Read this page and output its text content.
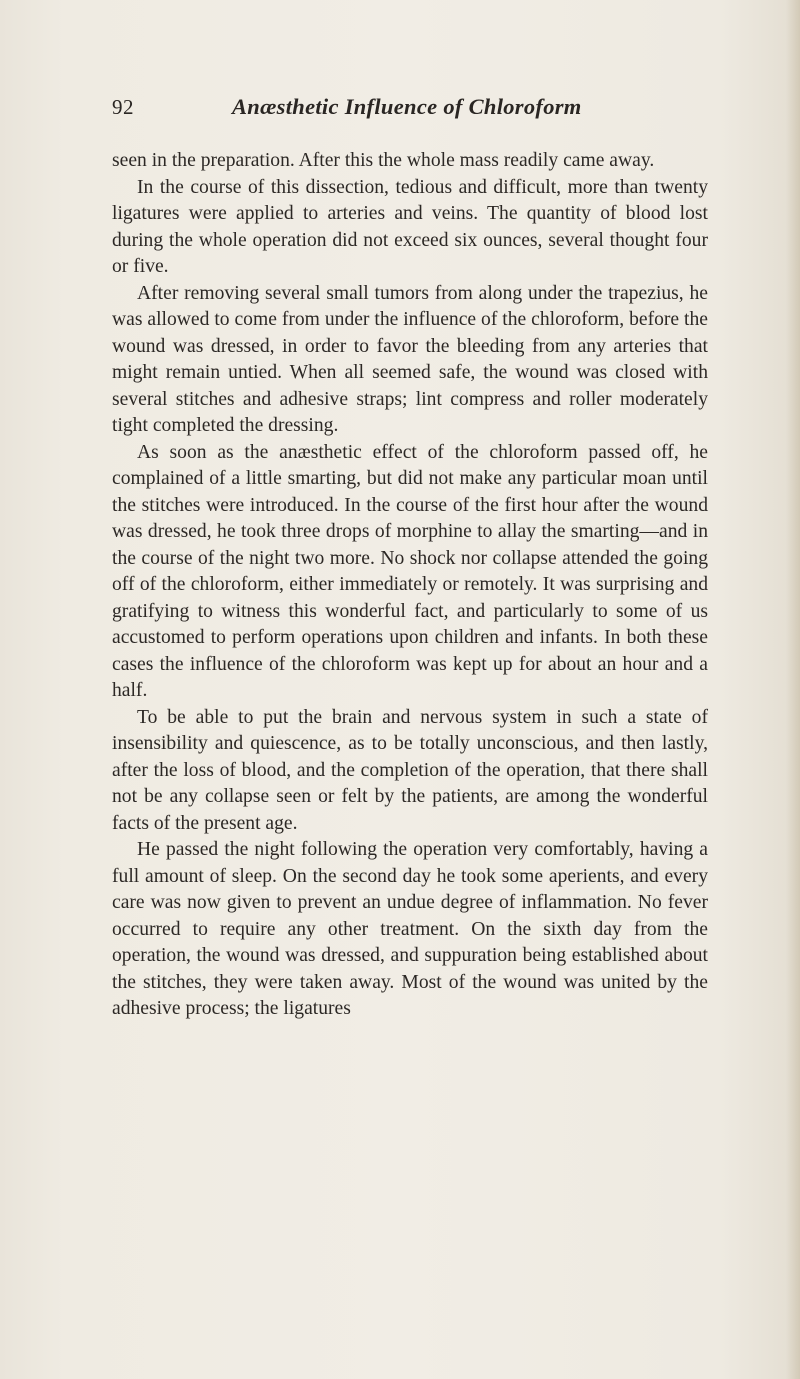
92	Anæsthetic Influence of Chloroform

seen in the preparation. After this the whole mass readily came away.

In the course of this dissection, tedious and difficult, more than twenty ligatures were applied to arteries and veins. The quantity of blood lost during the whole operation did not exceed six ounces, several thought four or five.

After removing several small tumors from along under the trapezius, he was allowed to come from under the influence of the chloroform, before the wound was dressed, in order to favor the bleeding from any arteries that might remain untied. When all seemed safe, the wound was closed with several stitches and adhesive straps; lint compress and roller moderately tight completed the dressing.

As soon as the anæsthetic effect of the chloroform passed off, he complained of a little smarting, but did not make any particular moan until the stitches were introduced. In the course of the first hour after the wound was dressed, he took three drops of morphine to allay the smarting—and in the course of the night two more. No shock nor collapse attended the going off of the chloroform, either immediately or remotely. It was surprising and gratifying to witness this wonderful fact, and particularly to some of us accustomed to perform operations upon children and infants. In both these cases the influence of the chloroform was kept up for about an hour and a half.

To be able to put the brain and nervous system in such a state of insensibility and quiescence, as to be totally unconscious, and then lastly, after the loss of blood, and the completion of the operation, that there shall not be any collapse seen or felt by the patients, are among the wonderful facts of the present age.

He passed the night following the operation very comfortably, having a full amount of sleep. On the second day he took some aperients, and every care was now given to prevent an undue degree of inflammation. No fever occurred to require any other treatment. On the sixth day from the operation, the wound was dressed, and suppuration being established about the stitches, they were taken away. Most of the wound was united by the adhesive process; the ligatures
